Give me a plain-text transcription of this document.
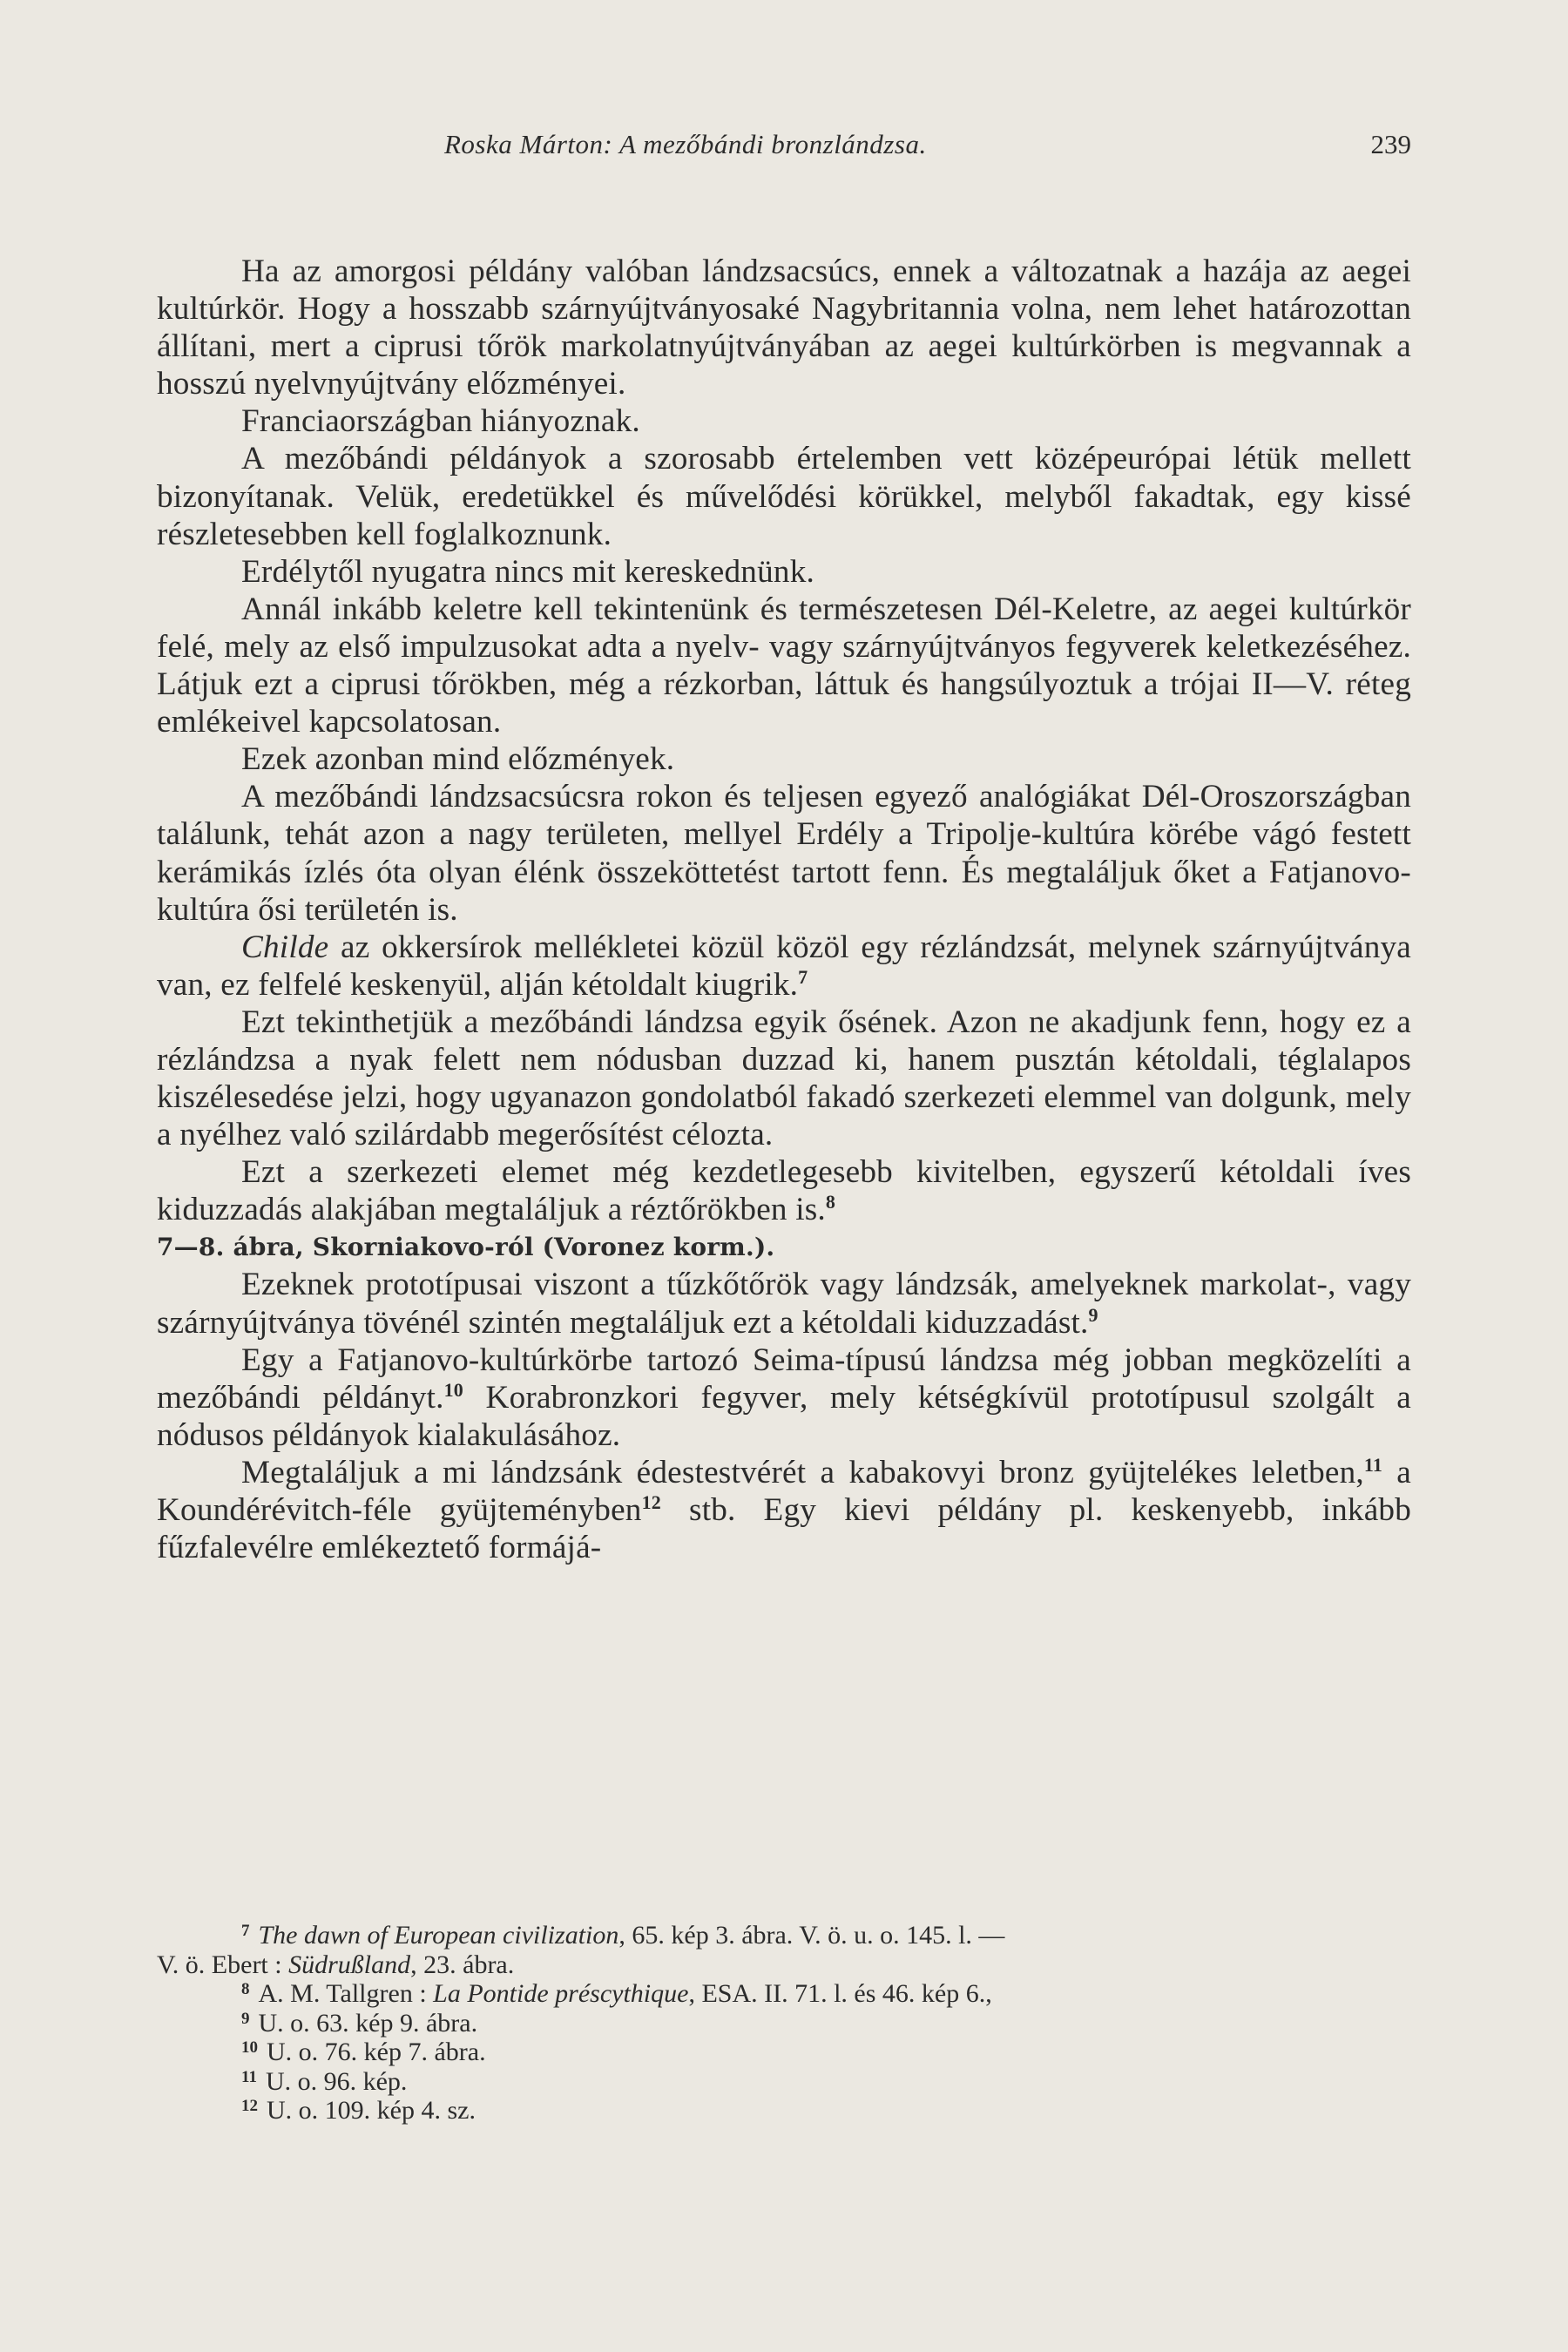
Roska Márton: A mezőbándi bronzlándzsa.	239

Ha az amorgosi példány valóban lándzsacsúcs, ennek a változatnak a hazája az aegei kultúrkör. Hogy a hosszabb szárnyújtványosaké Nagybritannia volna, nem lehet határozottan állítani, mert a ciprusi tőrök markolatnyújtványában az aegei kultúrkörben is megvannak a hosszú nyelvnyújtvány előzményei.

Franciaországban hiányoznak.

A mezőbándi példányok a szorosabb értelemben vett középeurópai létük mellett bizonyítanak. Velük, eredetükkel és művelődési körükkel, melyből fakadtak, egy kissé részletesebben kell foglalkoznunk.

Erdélytől nyugatra nincs mit kereskednünk.

Annál inkább keletre kell tekintenünk és természetesen Dél-Keletre, az aegei kultúrkör felé, mely az első impulzusokat adta a nyelv- vagy szárnyújtványos fegyverek keletkezéséhez. Látjuk ezt a ciprusi tőrökben, még a rézkorban, láttuk és hangsúlyoztuk a trójai II—V. réteg emlékeivel kapcsolatosan.

Ezek azonban mind előzmények.

A mezőbándi lándzsacsúcsra rokon és teljesen egyező analógiákat Dél-Oroszországban találunk, tehát azon a nagy területen, mellyel Erdély a Tripolje-kultúra körébe vágó festett kerámikás ízlés óta olyan élénk összeköttetést tartott fenn. És megtaláljuk őket a Fatjanovo-kultúra ősi területén is.

Childe az okkersírok mellékletei közül közöl egy rézlándzsát, melynek szárnyújtványa van, ez felfelé keskenyül, alján kétoldalt kiugrik.$^7$

Ezt tekinthetjük a mezőbándi lándzsa egyik ősének. Azon ne akadjunk fenn, hogy ez a rézlándzsa a nyak felett nem nódusban duzzad ki, hanem pusztán kétoldali, téglalapos kiszélesedése jelzi, hogy ugyanazon gondolatból fakadó szerkezeti elemmel van dolgunk, mely a nyélhez való szilárdabb megerősítést célozta.

Ezt a szerkezeti elemet még kezdetlegesebb kivitelben, egyszerű kétoldali íves kiduzzadás alakjában megtaláljuk a réztőrökben is.$^8$

7—8. ábra, Skorniakovo-ról (Voronez korm.).

Ezeknek prototípusai viszont a tűzkőtőrök vagy lándzsák, amelyeknek markolat-, vagy szárnyújtványa tövénél szintén megtaláljuk ezt a kétoldali kiduzzadást.$^9$

Egy a Fatjanovo-kultúrkörbe tartozó Seima-típusú lándzsa még jobban megközelíti a mezőbándi példányt.$^{10}$ Korabronzkori fegyver, mely kétségkívül prototípusul szolgált a nódusos példányok kialakulásához.

Megtaláljuk a mi lándzsánk édestestvérét a kabakovyi bronz gyüjtelékes leletben,$^{11}$ a Koundérévitch-féle gyüjteményben$^{12}$ stb. Egy kievi példány pl. keskenyebb, inkább fűzfalevélre emlékeztető formájá-

$^7$ The dawn of European civilization, 65. kép 3. ábra. V. ö. u. o. 145. l. —

V. ö. Ebert : Südrußland, 23. ábra.

$^8$ A. M. Tallgren : La Pontide préscythique, ESA. II. 71. l. és 46. kép 6.,

$^9$ U. o. 63. kép 9. ábra.

$^{10}$ U. o. 76. kép 7. ábra.

$^{11}$ U. o. 96. kép.

$^{12}$ U. o. 109. kép 4. sz.
